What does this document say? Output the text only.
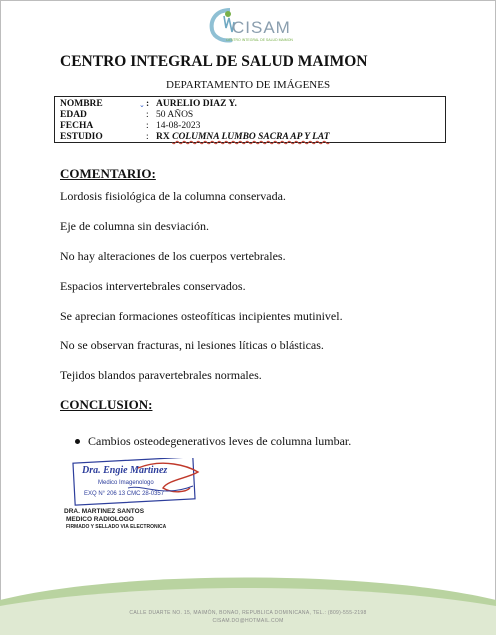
CISAM
CENTRO INTEGRAL DE SALUD MAIMON
CENTRO INTEGRAL DE SALUD MAIMON
DEPARTAMENTO DE IMÁGENES
NOMBRE	: AURELIO DIAZ Y.
⌄
EDAD	: 50 AÑOS
FECHA	: 14-08-2023
ESTUDIO	: RX COLUMNA LUMBO SACRA AP Y LAT
COMENTARIO:
Lordosis fisiológica de la columna conservada.
Eje de columna sin desviación.
No hay alteraciones de los cuerpos vertebrales.
Espacios intervertebrales conservados.
Se aprecian formaciones osteofíticas incipientes mutinivel.
No se observan fracturas, ni lesiones líticas o blásticas.
Tejidos blandos paravertebrales normales.
CONCLUSION:
Cambios osteodegenerativos leves de columna lumbar.
Dra. Engie Martinez
Medico Imagenologo
EXQ N° 206 13 CMC 28-0357
DRA. MARTINEZ SANTOS
MEDICO RADIOLOGO
FIRMADO Y SELLADO VIA ELECTRONICA
CALLE DUARTE NO. 15, MAIMÓN, BONAO, REPUBLICA DOMINICANA, TEL.: (809)-555-2198
CISAM.DO@HOTMAIL.COM
